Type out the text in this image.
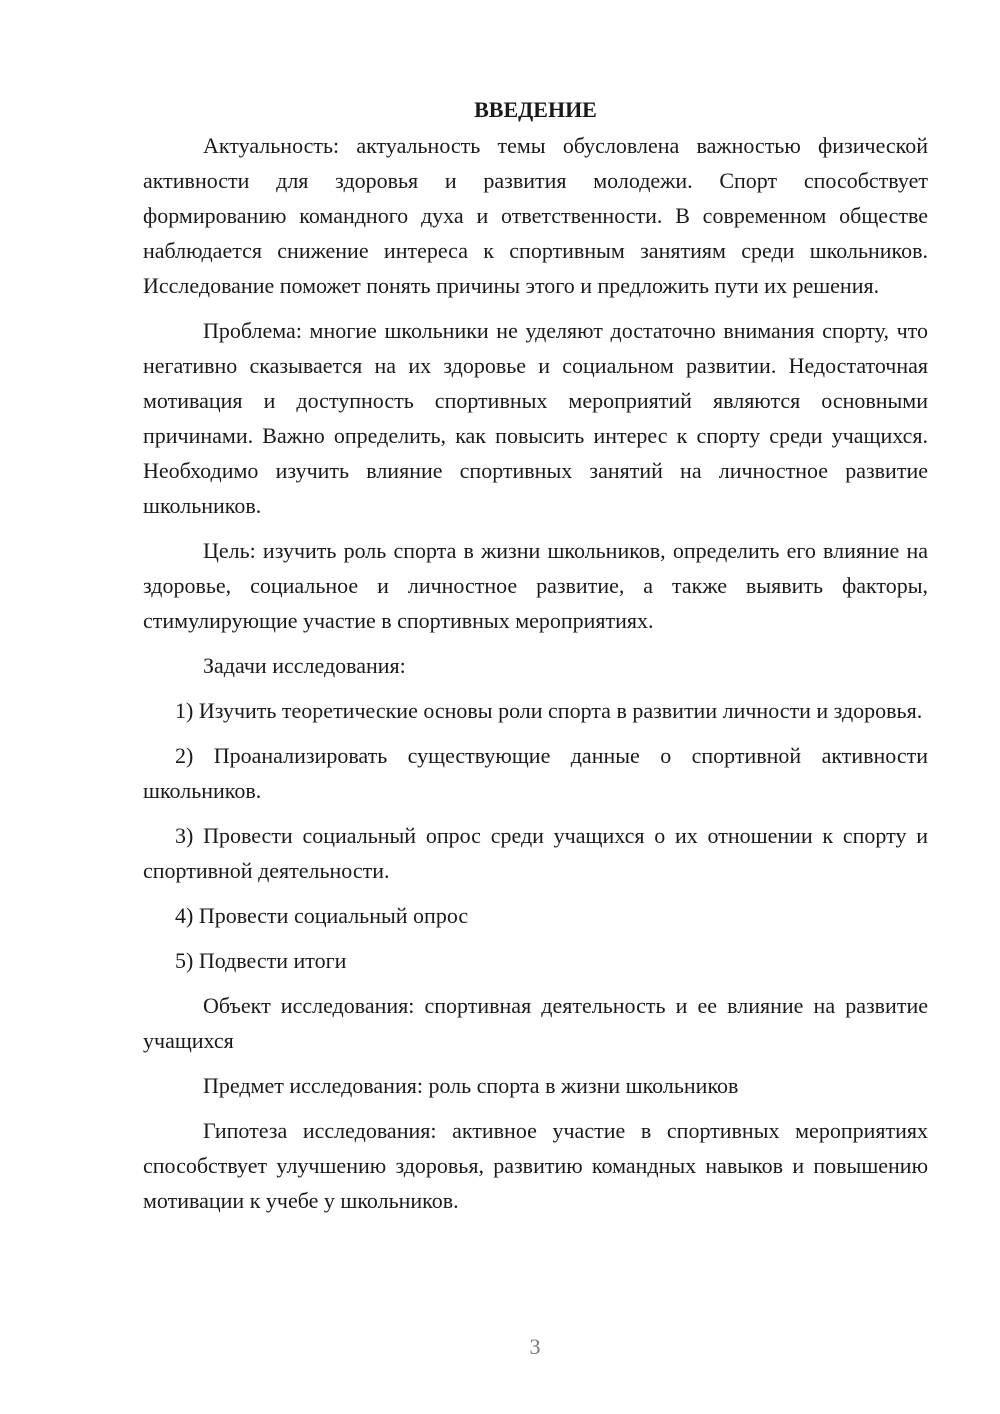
ВВЕДЕНИЕ

Актуальность: актуальность темы обусловлена важностью физической активности для здоровья и развития молодежи. Спорт способствует формированию командного духа и ответственности. В современном обществе наблюдается снижение интереса к спортивным занятиям среди школьников. Исследование поможет понять причины этого и предложить пути их решения.

Проблема: многие школьники не уделяют достаточно внимания спорту, что негативно сказывается на их здоровье и социальном развитии. Недостаточная мотивация и доступность спортивных мероприятий являются основными причинами. Важно определить, как повысить интерес к спорту среди учащихся. Необходимо изучить влияние спортивных занятий на личностное развитие школьников.

Цель: изучить роль спорта в жизни школьников, определить его влияние на здоровье, социальное и личностное развитие, а также выявить факторы, стимулирующие участие в спортивных мероприятиях.

Задачи исследования:

1) Изучить теоретические основы роли спорта в развитии личности и здоровья.

2) Проанализировать существующие данные о спортивной активности школьников.

3) Провести социальный опрос среди учащихся о их отношении к спорту и спортивной деятельности.

4) Провести социальный опрос

5) Подвести итоги

Объект исследования: спортивная деятельность и ее влияние на развитие учащихся

Предмет исследования: роль спорта в жизни школьников

Гипотеза исследования: активное участие в спортивных мероприятиях способствует улучшению здоровья, развитию командных навыков и повышению мотивации к учебе у школьников.

3
